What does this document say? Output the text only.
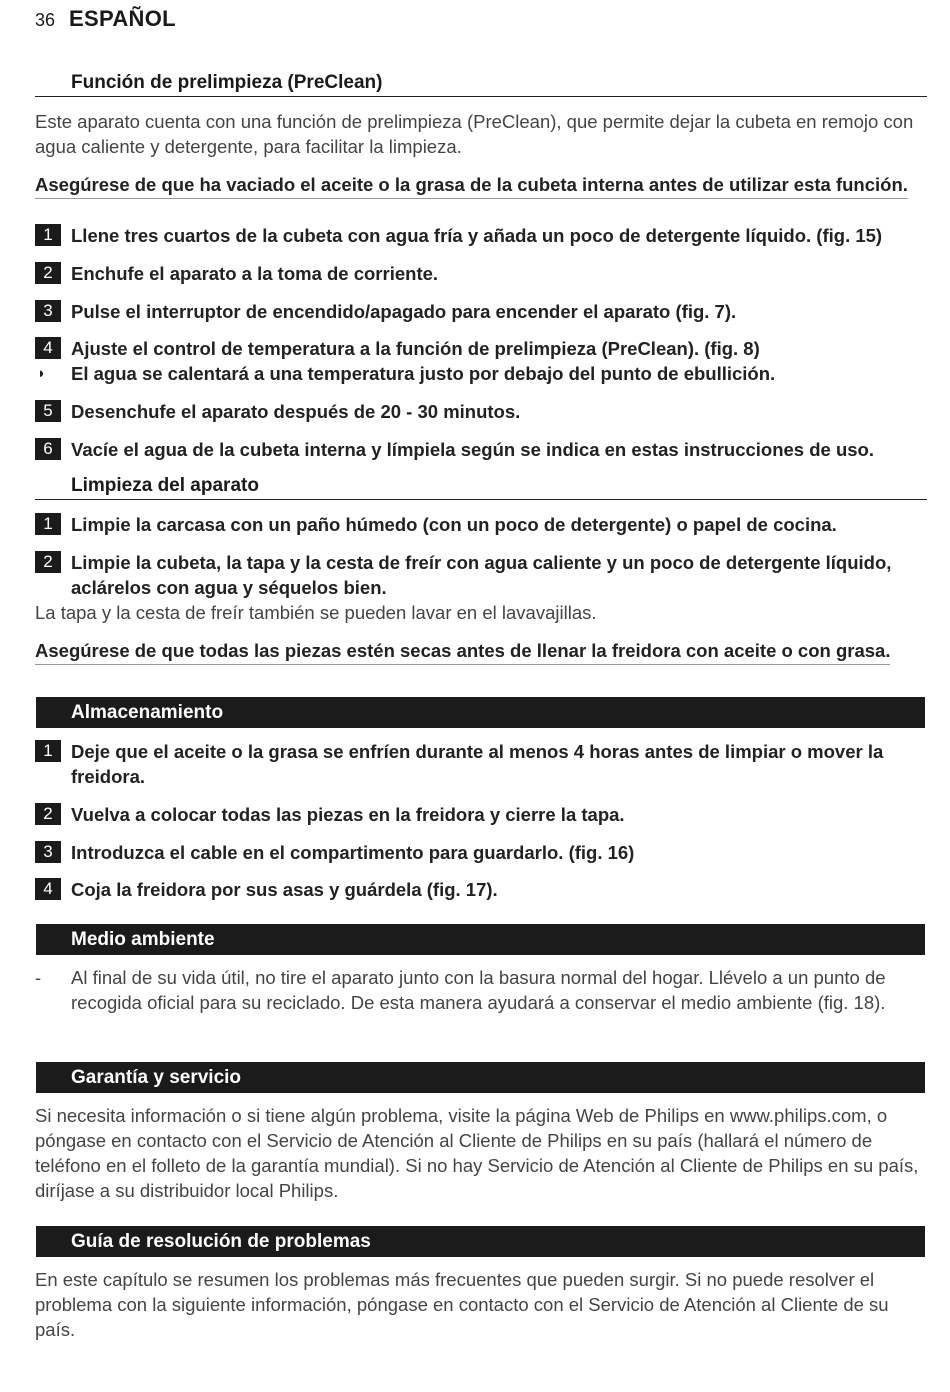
36 ESPAÑOL
Función de prelimpieza (PreClean)
Este aparato cuenta con una función de prelimpieza (PreClean), que permite dejar la cubeta en remojo con agua caliente y detergente, para facilitar la limpieza.
Asegúrese de que ha vaciado el aceite o la grasa de la cubeta interna antes de utilizar esta función.
1 Llene tres cuartos de la cubeta con agua fría y añada un poco de detergente líquido. (fig. 15)
2 Enchufe el aparato a la toma de corriente.
3 Pulse el interruptor de encendido/apagado para encender el aparato (fig. 7).
4 Ajuste el control de temperatura a la función de prelimpieza (PreClean). (fig. 8)
◗	El agua se calentará a una temperatura justo por debajo del punto de ebullición.
5 Desenchufe el aparato después de 20 - 30 minutos.
6 Vacíe el agua de la cubeta interna y límpiela según se indica en estas instrucciones de uso.
Limpieza del aparato
1 Limpie la carcasa con un paño húmedo (con un poco de detergente) o papel de cocina.
2 Limpie la cubeta, la tapa y la cesta de freír con agua caliente y un poco de detergente líquido, aclárelos con agua y séquelos bien.
La tapa y la cesta de freír también se pueden lavar en el lavavajillas.
Asegúrese de que todas las piezas estén secas antes de llenar la freidora con aceite o con grasa.
Almacenamiento
1 Deje que el aceite o la grasa se enfríen durante al menos 4 horas antes de limpiar o mover la freidora.
2 Vuelva a colocar todas las piezas en la freidora y cierre la tapa.
3 Introduzca el cable en el compartimento para guardarlo. (fig. 16)
4 Coja la freidora por sus asas y guárdela (fig. 17).
Medio ambiente
-	Al final de su vida útil, no tire el aparato junto con la basura normal del hogar. Llévelo a un punto de recogida oficial para su reciclado. De esta manera ayudará a conservar el medio ambiente (fig. 18).
Garantía y servicio
Si necesita información o si tiene algún problema, visite la página Web de Philips en www.philips.com, o póngase en contacto con el Servicio de Atención al Cliente de Philips en su país (hallará el número de teléfono en el folleto de la garantía mundial). Si no hay Servicio de Atención al Cliente de Philips en su país, diríjase a su distribuidor local Philips.
Guía de resolución de problemas
En este capítulo se resumen los problemas más frecuentes que pueden surgir. Si no puede resolver el problema con la siguiente información, póngase en contacto con el Servicio de Atención al Cliente de su país.
